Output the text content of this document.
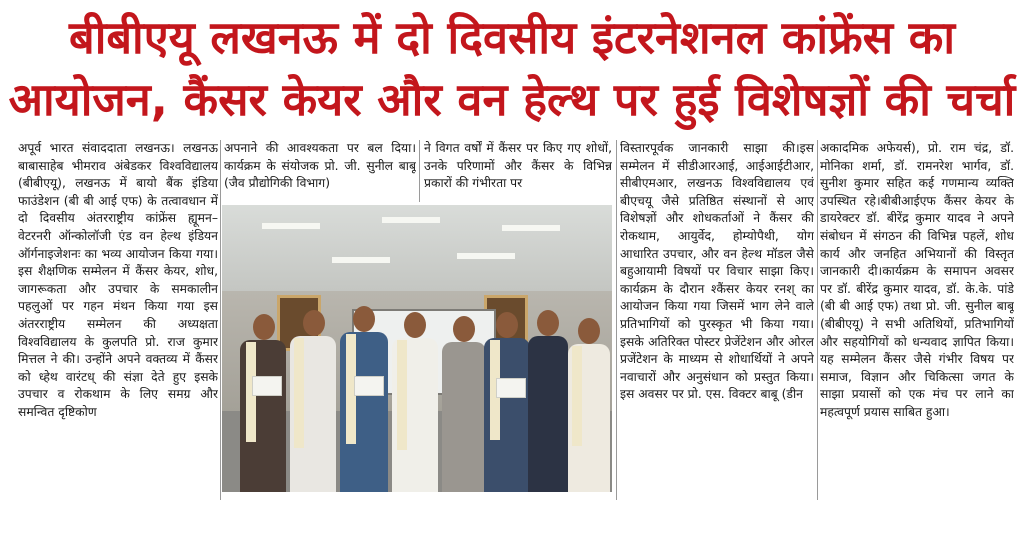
बीबीएयू लखनऊ में दो दिवसीय इंटरनेशनल कांफ्रेंस का
आयोजन, कैंसर केयर और वन हेल्थ पर हुई विशेषज्ञों की चर्चा
अपूर्व भारत संवाददाता लखनऊ। लखनऊ बाबासाहेब भीमराव अंबेडकर विश्वविद्यालय (बीबीएयू), लखनऊ में बायो बैंक इंडिया फाउंडेशन (बी बी आई एफ) के तत्वावधान में दो दिवसीय अंतरराष्ट्रीय कांफ्रेंस ह्यूमन–वेटरनरी ऑन्कोलॉजी एंड वन हेल्थ इंडियन ऑर्गनाइजेशनः का भव्य आयोजन किया गया। इस शैक्षणिक सम्मेलन में कैंसर केयर, शोध, जागरूकता और उपचार के समकालीन पहलुओं पर गहन मंथन किया गया इस अंतरराष्ट्रीय सम्मेलन की अध्यक्षता विश्वविद्यालय के कुलपति प्रो. राज कुमार मित्तल ने की। उन्होंने अपने वक्तव्य में कैंसर को ध्हेथ वारंटध् की संज्ञा देते हुए इसके उपचार व रोकथाम के लिए समग्र और समन्वित दृष्टिकोण
अपनाने की आवश्यकता पर बल दिया।कार्यक्रम के संयोजक प्रो. जी. सुनील बाबू (जैव प्रौद्योगिकी विभाग)
ने विगत वर्षों में कैंसर पर किए गए शोधों, उनके परिणामों और कैंसर के विभिन्न प्रकारों की गंभीरता पर
विस्तारपूर्वक जानकारी साझा की।इस सम्मेलन में सीडीआरआई, आईआईटीआर, सीबीएमआर, लखनऊ विश्वविद्यालय एवं बीएचयू जैसे प्रतिष्ठित संस्थानों से आए विशेषज्ञों और शोधकर्ताओं ने कैंसर की रोकथाम, आयुर्वेद, होम्योपैथी, योग आधारित उपचार, और वन हेल्थ मॉडल जैसे बहुआयामी विषयों पर विचार साझा किए।कार्यक्रम के दौरान श्कैंसर केयर रनश् का आयोजन किया गया जिसमें भाग लेने वाले प्रतिभागियों को पुरस्कृत भी किया गया। इसके अतिरिक्त पोस्टर प्रेजेंटेशन और ओरल प्रजेंटेशन के माध्यम से शोधार्थियों ने अपने नवाचारों और अनुसंधान को प्रस्तुत किया।इस अवसर पर प्रो. एस. विक्टर बाबू (डीन
अकादमिक अफेयर्स), प्रो. राम चंद्र, डॉ. मोनिका शर्मा, डॉ. रामनरेश भार्गव, डॉ. सुनीश कुमार सहित कई गणमान्य व्यक्ति उपस्थित रहे।बीबीआईएफ कैंसर केयर के डायरेक्टर डॉ. बीरेंद्र कुमार यादव ने अपने संबोधन में संगठन की विभिन्न पहलें, शोध कार्य और जनहित अभियानों की विस्तृत जानकारी दी।कार्यक्रम के समापन अवसर पर डॉ. बीरेंद्र कुमार यादव, डॉ. के.के. पांडे (बी बी आई एफ) तथा प्रो. जी. सुनील बाबू (बीबीएयू) ने सभी अतिथियों, प्रतिभागियों और सहयोगियों को धन्यवाद ज्ञापित किया।यह सम्मेलन कैंसर जैसे गंभीर विषय पर समाज, विज्ञान और चिकित्सा जगत के साझा प्रयासों को एक मंच पर लाने का महत्वपूर्ण प्रयास साबित हुआ।
